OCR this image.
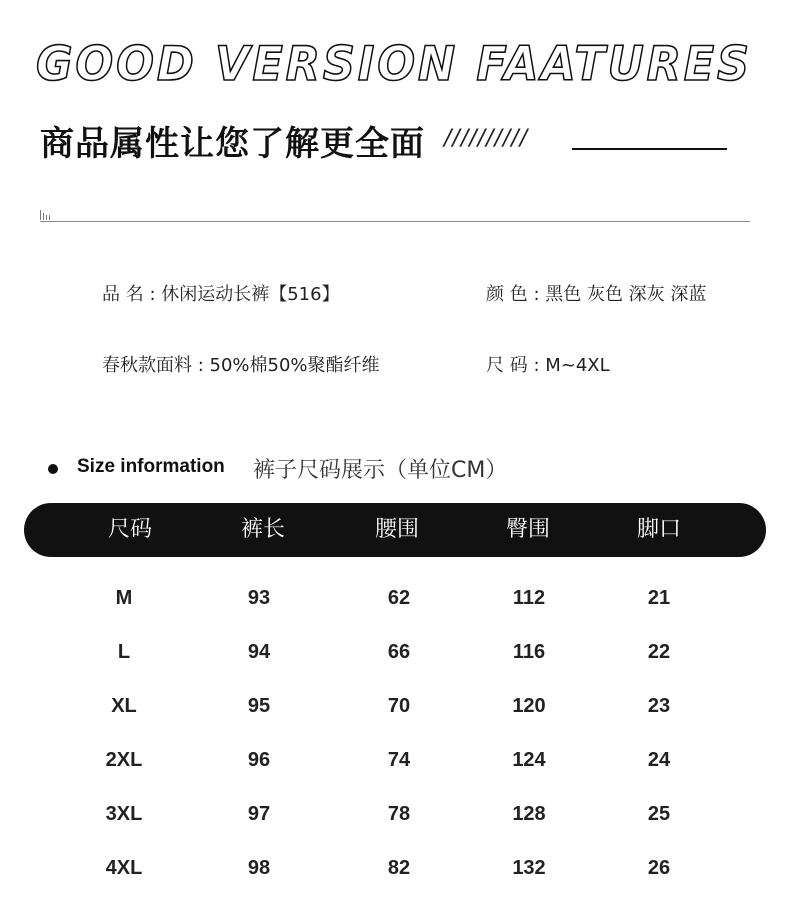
GOOD VERSION FAATURES
商品属性让您了解更全面 //////////
品 名 : 休闲运动长裤【516】	颜 色 : 黑色 灰色 深灰 深蓝
春秋款面料 : 50%棉50%聚酯纤维	尺 码 : M~4XL
Size information 裤子尺码展示（单位CM）
尺码	裤长	腰围	臀围	脚口
M	93	62	112	21
L	94	66	116	22
XL	95	70	120	23
2XL	96	74	124	24
3XL	97	78	128	25
4XL	98	82	132	26
